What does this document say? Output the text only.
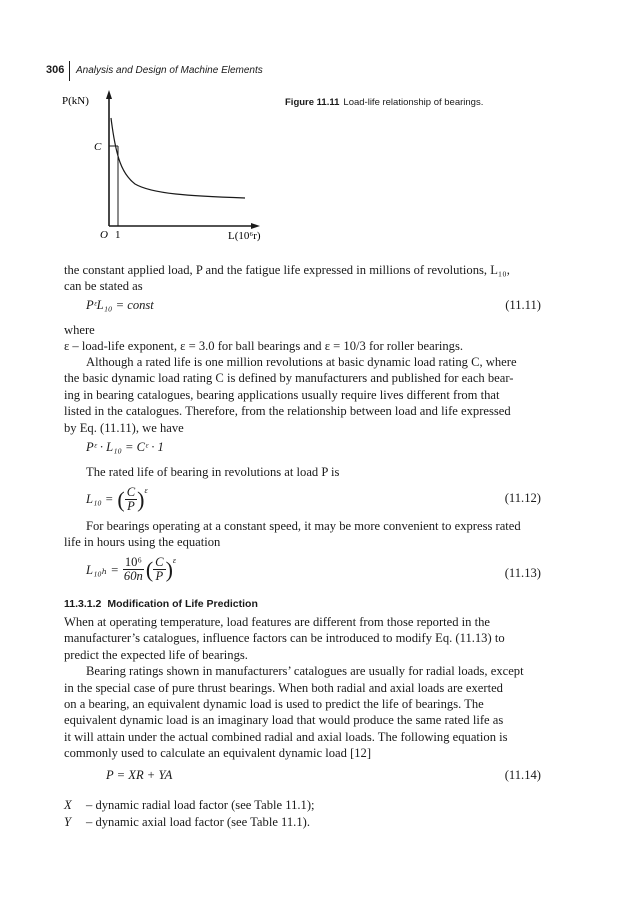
306 Analysis and Design of Machine Elements
P(kN)
C
O 1	L(10⁶r)
Figure 11.11 Load-life relationship of bearings.

the constant applied load, P and the fatigue life expressed in millions of revolutions, L₁₀,

can be stated as

PᵋL₁₀ = const	(11.11)

where

ε – load-life exponent, ε = 3.0 for ball bearings and ε = 10/3 for roller bearings.

Although a rated life is one million revolutions at basic dynamic load rating C, where

the basic dynamic load rating C is defined by manufacturers and published for each bear-

ing in bearing catalogues, bearing applications usually require lives different from that

listed in the catalogues. Therefore, from the relationship between load and life expressed

by Eq. (11.11), we have

Pᵋ · L₁₀ = Cᵋ · 1

The rated life of bearing in revolutions at load P is

L₁₀ = ( $\frac{C}{P} )^\varepsilon$
(11.12)

For bearings operating at a constant speed, it may be more convenient to express rated

life in hours using the equation

$L_{10h} = \frac{\text{10⁶}}{60n}$ ( $\frac{C}{P} )^\varepsilon$
(11.13)
11.3.1.2 Modification of Life Prediction

When at operating temperature, load features are different from those reported in the

manufacturer’s catalogues, influence factors can be introduced to modify Eq. (11.13) to

predict the expected life of bearings.

Bearing ratings shown in manufacturers’ catalogues are usually for radial loads, except

in the special case of pure thrust bearings. When both radial and axial loads are exerted

on a bearing, an equivalent dynamic load is used to predict the life of bearings. The

equivalent dynamic load is an imaginary load that would produce the same rated life as

it will attain under the actual combined radial and axial loads. The following equation is

commonly used to calculate an equivalent dynamic load [12]

P = XR + YA	(11.14)
X – dynamic radial load factor (see Table 11.1);
Y – dynamic axial load factor (see Table 11.1).
